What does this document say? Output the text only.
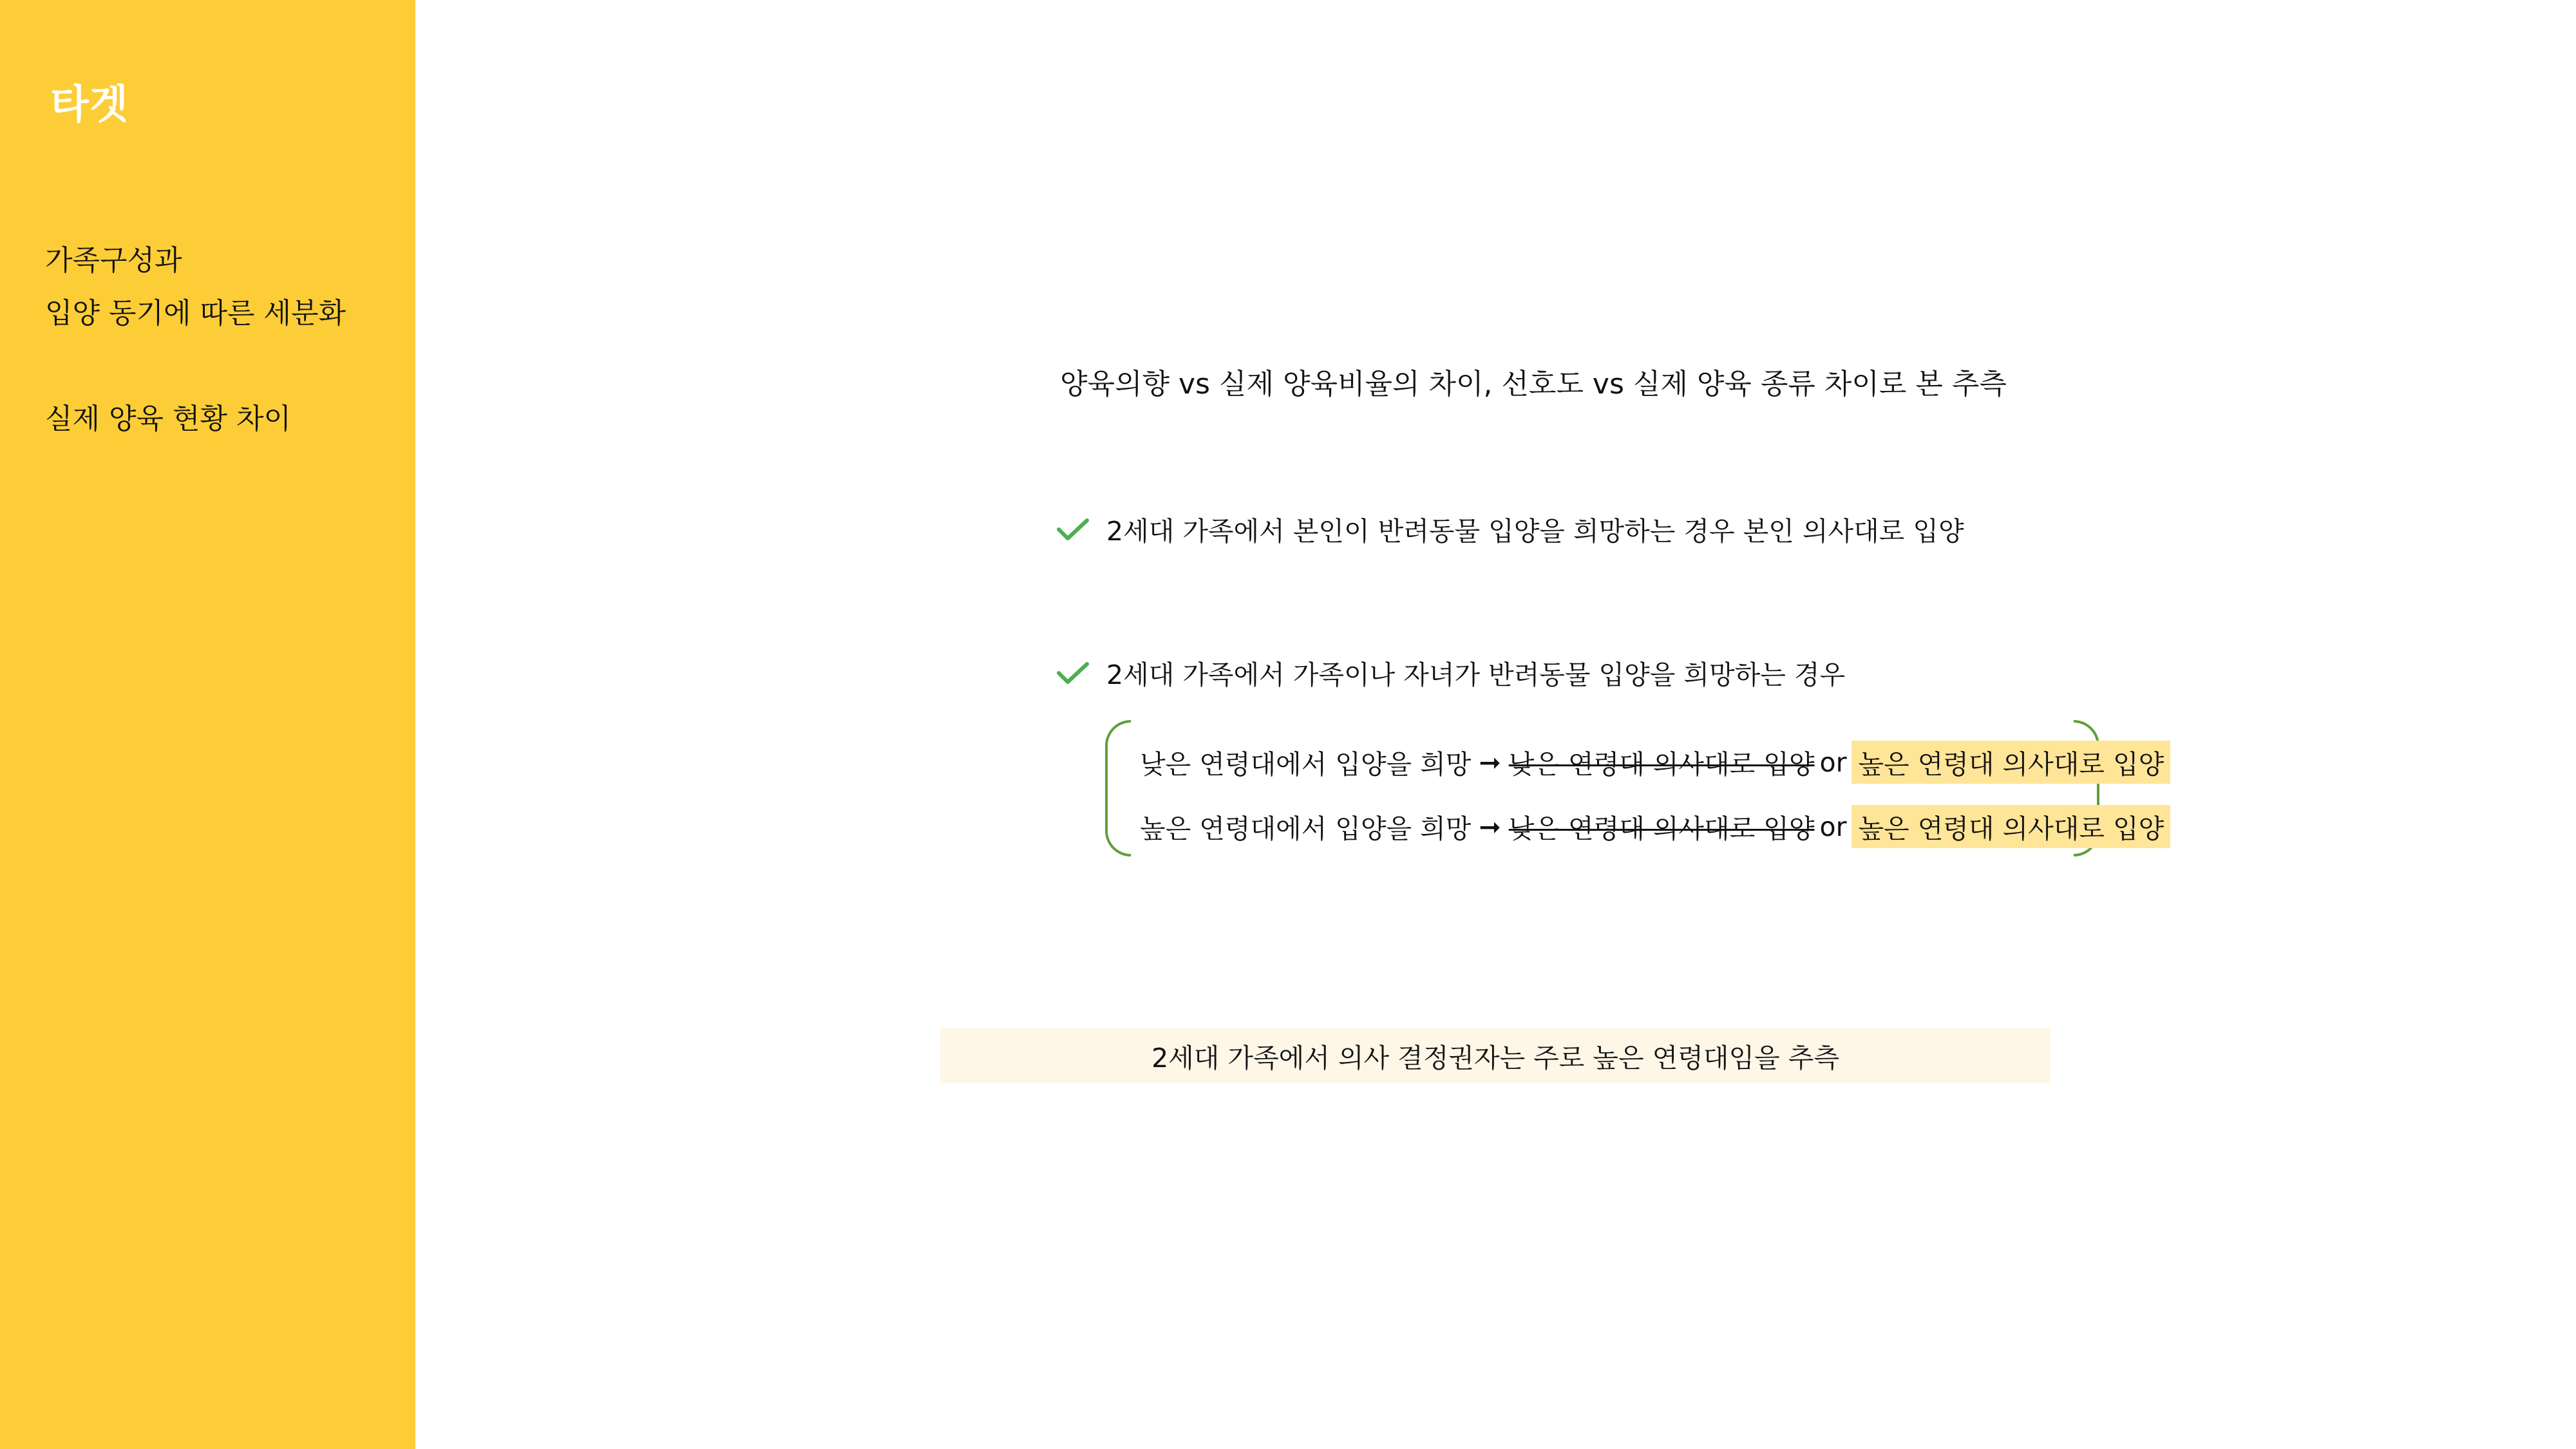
타겟
가족구성과
입양 동기에 따른 세분화
실제 양육 현황 차이
양육의향 vs 실제 양육비율의 차이, 선호도 vs 실제 양육 종류 차이로 본 추측
2세대 가족에서 본인이 반려동물 입양을 희망하는 경우 본인 의사대로 입양
2세대 가족에서 가족이나 자녀가 반려동물 입양을 희망하는 경우
낮은 연령대에서 입양을 희망 ➞ 낮은 연령대 의사대로 입양 or 높은 연령대 의사대로 입양
높은 연령대에서 입양을 희망 ➞ 낮은 연령대 의사대로 입양 or 높은 연령대 의사대로 입양
2세대 가족에서 의사 결정권자는 주로 높은 연령대임을 추측
